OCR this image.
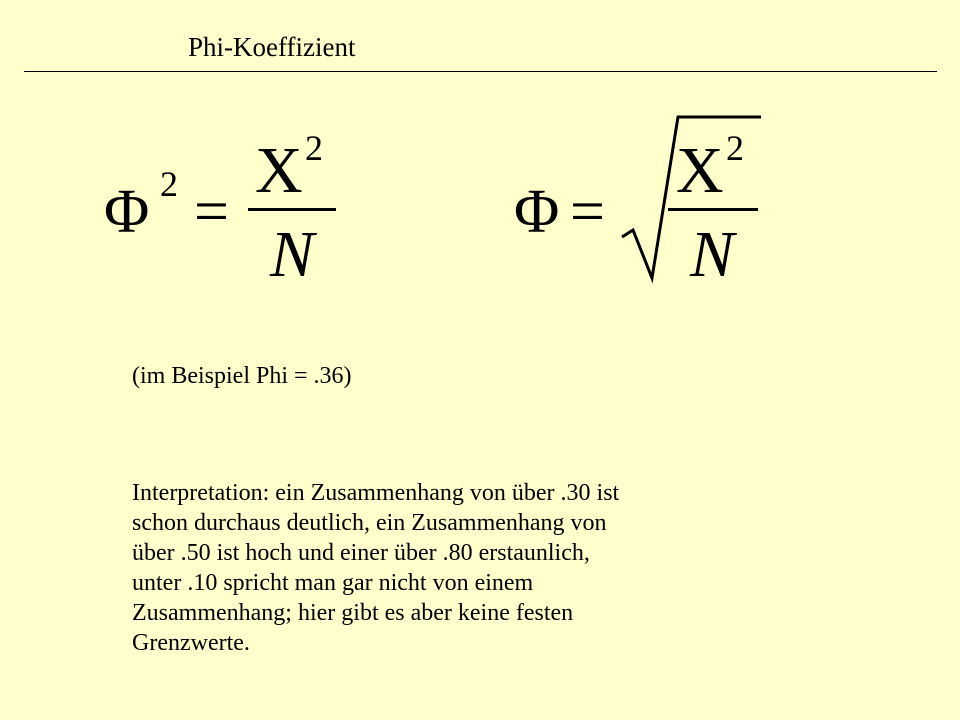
Phi-Koeffizient
Φ 2 =
X 2
N
Φ =
X 2
N
(im Beispiel Phi = .36)

Interpretation: ein Zusammenhang von über .30 ist
schon durchaus deutlich, ein Zusammenhang von
über .50 ist hoch und einer über .80 erstaunlich,
unter .10 spricht man gar nicht von einem
Zusammenhang; hier gibt es aber keine festen
Grenzwerte.
